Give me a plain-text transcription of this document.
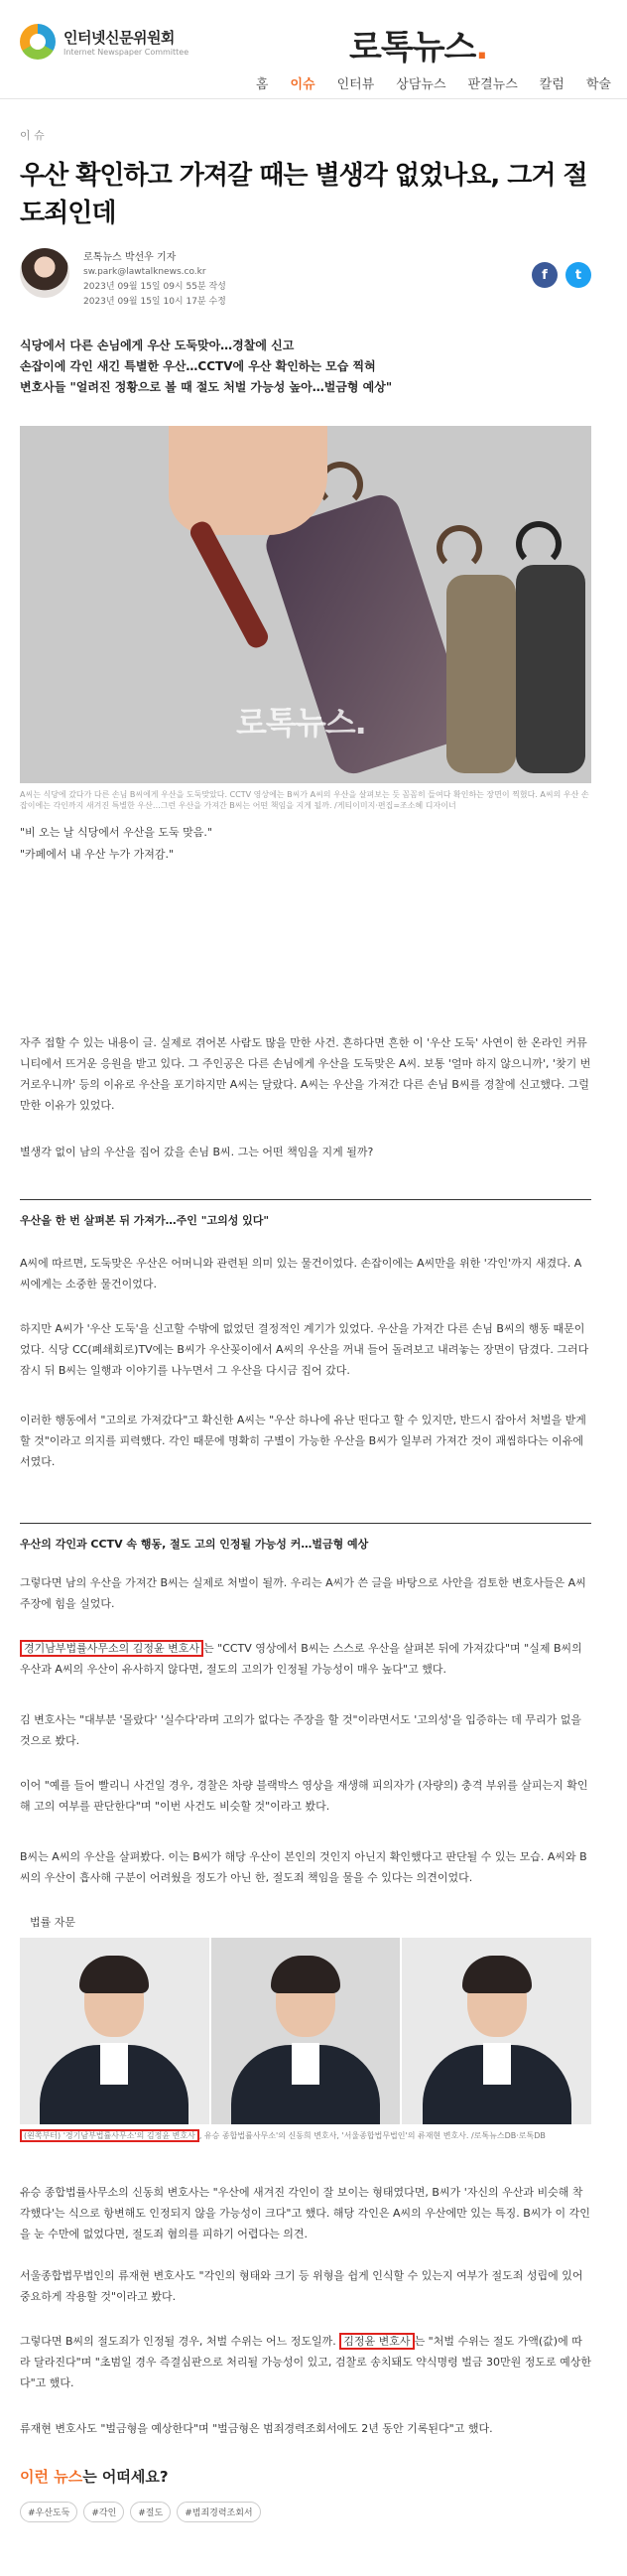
인터넷신문위원회
Internet Newspaper Committee	로톡뉴스.
홈 이슈 인터뷰 상담뉴스 판결뉴스 칼럼 학술
이 슈
우산 확인하고 가져갈 때는 별생각 없었나요, 그거 절도죄인데
로톡뉴스 박선우 기자
sw.park@lawtalknews.co.kr
2023년 09월 15일 09시 55분 작성
2023년 09월 15일 10시 17분 수정
f	t
식당에서 다른 손님에게 우산 도둑맞아…경찰에 신고
손잡이에 각인 새긴 특별한 우산…CCTV에 우산 확인하는 모습 찍혀
변호사들 "얼려진 정황으로 볼 때 절도 처벌 가능성 높아…벌금형 예상"
로톡뉴스.
A씨는 식당에 갔다가 다른 손님 B씨에게 우산을 도둑맞았다. CCTV 영상에는 B씨가 A씨의 우산을 살펴보는 듯 꼼꼼히 들여다 확인하는 장면이 찍혔다. A씨의 우산 손잡이에는 각인까지 새겨진 특별한 우산…그런 우산을 가져간 B씨는 어떤 책임을 지게 될까. /게티이미지·편집=조소혜 디자이너
"비 오는 날 식당에서 우산을 도둑 맞음."
"카페에서 내 우산 누가 가져감."
자주 접할 수 있는 내용이 글. 실제로 겪어본 사람도 많을 만한 사건. 흔하다면 흔한 이 '우산 도둑' 사연이 한 온라인 커뮤니티에서 뜨거운 응원을 받고 있다. 그 주인공은 다른 손님에게 우산을 도둑맞은 A씨. 보통 '얼마 하지 않으니까', '찾기 번거로우니까' 등의 이유로 우산을 포기하지만 A씨는 달랐다. A씨는 우산을 가져간 다른 손님 B씨를 경찰에 신고했다. 그럴 만한 이유가 있었다.
별생각 없이 남의 우산을 집어 갔을 손님 B씨. 그는 어떤 책임을 지게 될까?
우산을 한 번 살펴본 뒤 가져가…주인 "고의성 있다"
A씨에 따르면, 도둑맞은 우산은 어머니와 관련된 의미 있는 물건이었다. 손잡이에는 A씨만을 위한 '각인'까지 새겼다. A씨에게는 소중한 물건이었다.
하지만 A씨가 '우산 도둑'을 신고할 수밖에 없었던 결정적인 계기가 있었다. 우산을 가져간 다른 손님 B씨의 행동 때문이었다. 식당 CC(폐쇄회로)TV에는 B씨가 우산꽂이에서 A씨의 우산을 꺼내 들어 돌려보고 내려놓는 장면이 담겼다. 그러다 잠시 뒤 B씨는 일행과 이야기를 나누면서 그 우산을 다시금 집어 갔다.
이러한 행동에서 "고의로 가져갔다"고 확신한 A씨는 "우산 하나에 유난 떤다고 할 수 있지만, 반드시 잡아서 처벌을 받게 할 것"이라고 의지를 피력했다. 각인 때문에 명확히 구별이 가능한 우산을 B씨가 일부러 가져간 것이 괘씸하다는 이유에서였다.
우산의 각인과 CCTV 속 행동, 절도 고의 인정될 가능성 커…벌금형 예상
그렇다면 남의 우산을 가져간 B씨는 실제로 처벌이 될까. 우리는 A씨가 쓴 글을 바탕으로 사안을 검토한 변호사들은 A씨 주장에 힘을 실었다.
경기남부법률사무소의 김정윤 변호사 는 "CCTV 영상에서 B씨는 스스로 우산을 살펴본 뒤에 가져갔다"며 "실제 B씨의 우산과 A씨의 우산이 유사하지 않다면, 절도의 고의가 인정될 가능성이 매우 높다"고 했다.
김 변호사는 "대부분 '몰랐다' '실수다'라며 고의가 없다는 주장을 할 것"이라면서도 '고의성'을 입증하는 데 무리가 없을 것으로 봤다.
이어 "예를 들어 빨리니 사건일 경우, 경찰은 차량 블랙박스 영상을 재생해 피의자가 (자량의) 충격 부위를 살피는지 확인해 고의 여부를 판단한다"며 "이번 사건도 비슷할 것"이라고 봤다.
B씨는 A씨의 우산을 살펴봤다. 이는 B씨가 해당 우산이 본인의 것인지 아닌지 확인했다고 판단될 수 있는 모습. A씨와 B씨의 우산이 흡사해 구분이 어려웠을 정도가 아닌 한, 절도죄 책임을 물을 수 있다는 의견이었다.
법률 자문
(왼쪽부터) '경기남부법률사무소'의 김정윤 변호사 , 유승 종합법률사무소'의 신동희 변호사, '서울종합법무법인'의 류재현 변호사. /로톡뉴스DB·로톡DB
유승 종합법률사무소의 신동희 변호사는 "우산에 새겨진 각인이 잘 보이는 형태였다면, B씨가 '자신의 우산과 비슷해 착각했다'는 식으로 항변해도 인정되지 않을 가능성이 크다"고 했다. 해당 각인은 A씨의 우산에만 있는 특징. B씨가 이 각인을 눈 수만에 없었다면, 절도죄 혐의를 피하기 어렵다는 의견.
서울종합법무법인의 류재현 변호사도 "각인의 형태와 크기 등 위형을 쉽게 인식할 수 있는지 여부가 절도죄 성립에 있어 중요하게 작용할 것"이라고 봤다.
그렇다면 B씨의 절도죄가 인정될 경우, 처벌 수위는 어느 정도일까. 김정윤 변호사 는 "처벌 수위는 절도 가액(값)에 따라 달라진다"며 "초범일 경우 즉결심판으로 처리될 가능성이 있고, 검찰로 송치돼도 약식명령 벌금 30만원 정도로 예상한다"고 했다.
류재현 변호사도 "벌금형을 예상한다"며 "벌금형은 범죄경력조회서에도 2년 동안 기록된다"고 했다.
이런 뉴스는 어떠세요?
#우산도둑	#각인	#절도	#범죄경력조회서
